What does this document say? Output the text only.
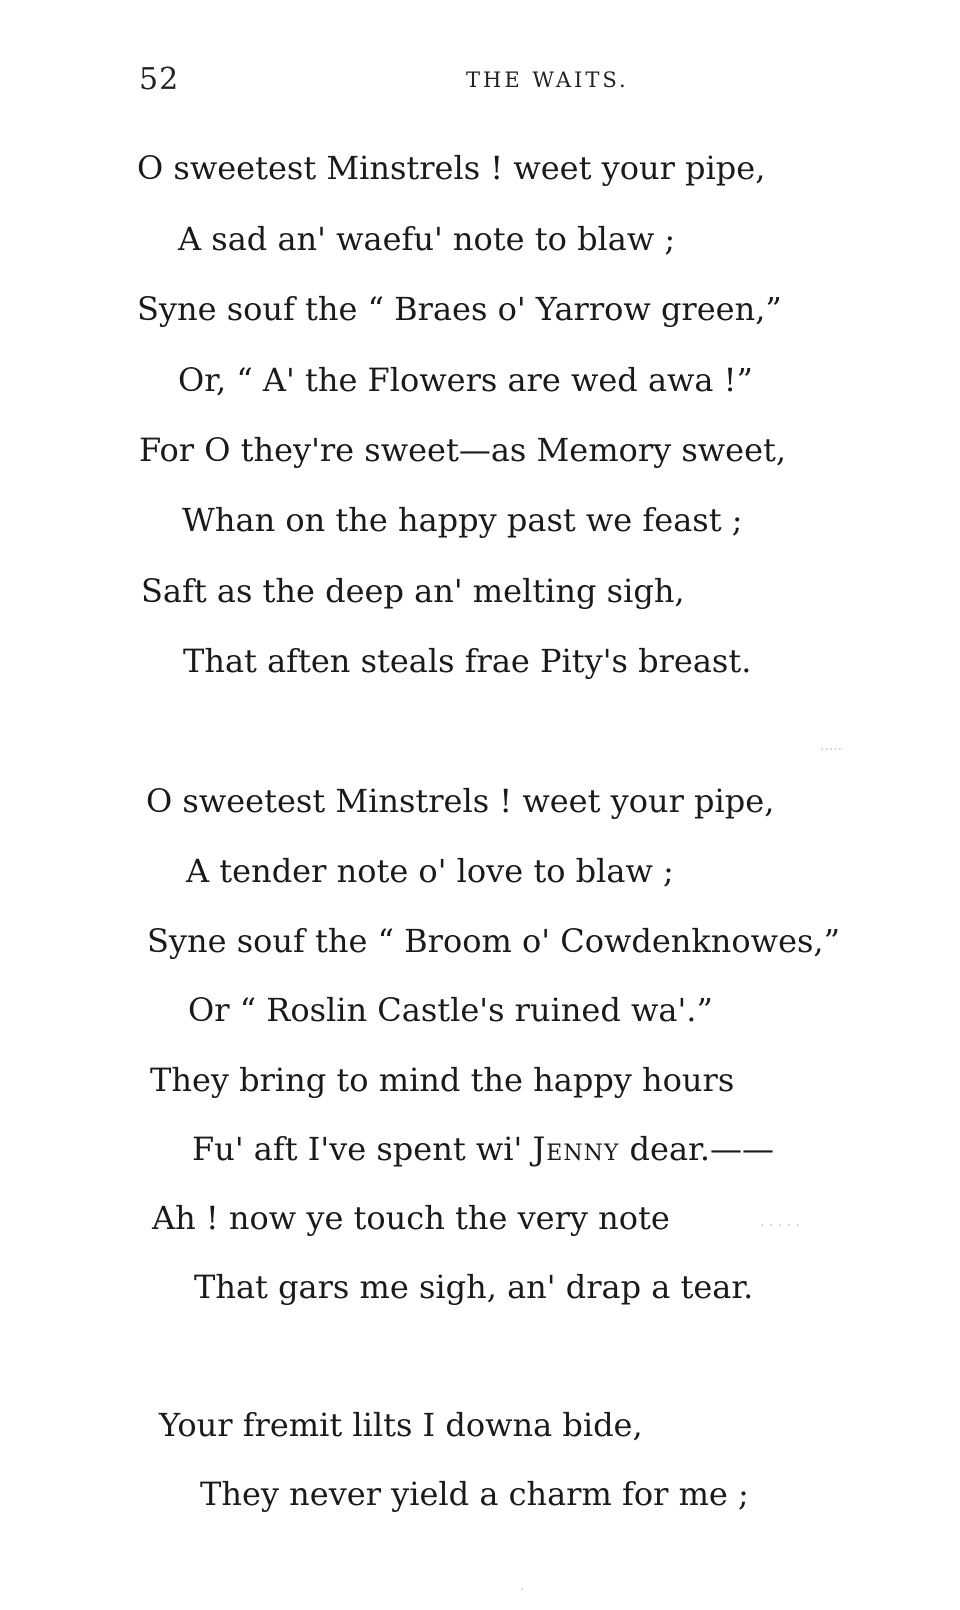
52	THE WAITS.
O sweetest Minstrels ! weet your pipe,
A sad an' waefu' note to blaw ;
Syne souf the “ Braes o' Yarrow green,”
Or, “ A' the Flowers are wed awa !”
For O they're sweet—as Memory sweet,
Whan on the happy past we feast ;
Saft as the deep an' melting sigh,
That aften steals frae Pity's breast.
O sweetest Minstrels ! weet your pipe,
A tender note o' love to blaw ;
Syne souf the “ Broom o' Cowdenknowes,”
Or “ Roslin Castle's ruined wa'.”
They bring to mind the happy hours
Fu' aft I've spent wi' Jenny dear.——
Ah ! now ye touch the very note
That gars me sigh, an' drap a tear.
Your fremit lilts I downa bide,
They never yield a charm for me ;
·····
· · · · ·
·
